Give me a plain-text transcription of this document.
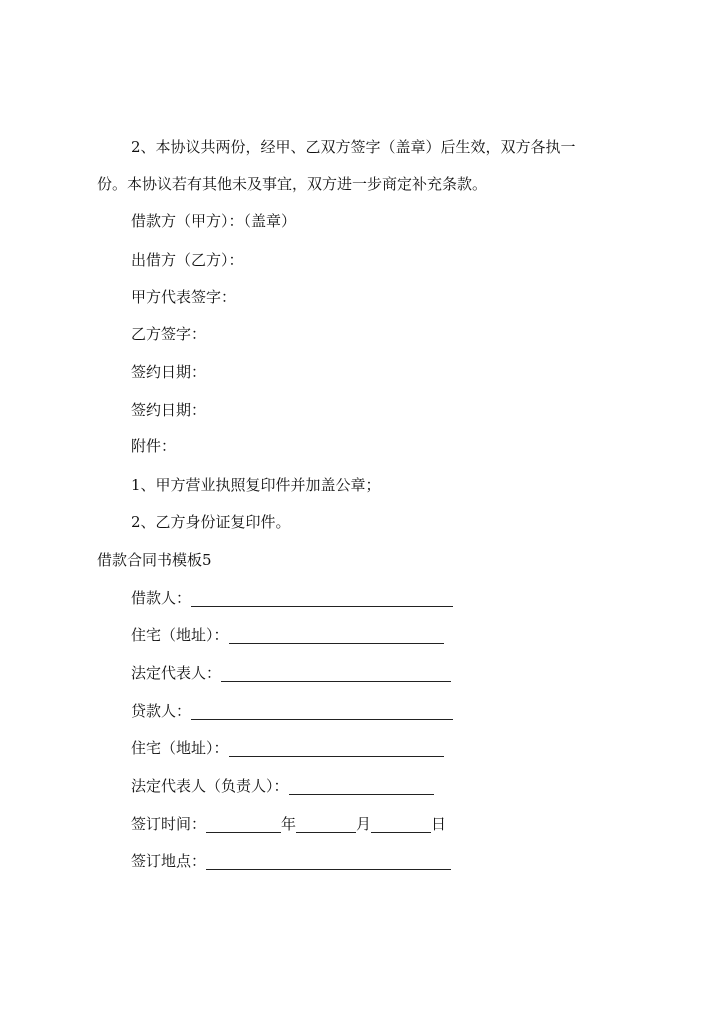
2、本协议共两份，经甲、乙双方签字（盖章）后生效，双方各执一
份。本协议若有其他未及事宜，双方进一步商定补充条款。
借款方（甲方）：（盖章）
出借方（乙方）：
甲方代表签字：
乙方签字：
签约日期：
签约日期：
附件：
1、甲方营业执照复印件并加盖公章；
2、乙方身份证复印件。
借款合同书模板5
借款人：
住宅（地址）：
法定代表人：
贷款人：
住宅（地址）：
法定代表人（负责人）：
签订时间：	年	月	日
签订地点：
